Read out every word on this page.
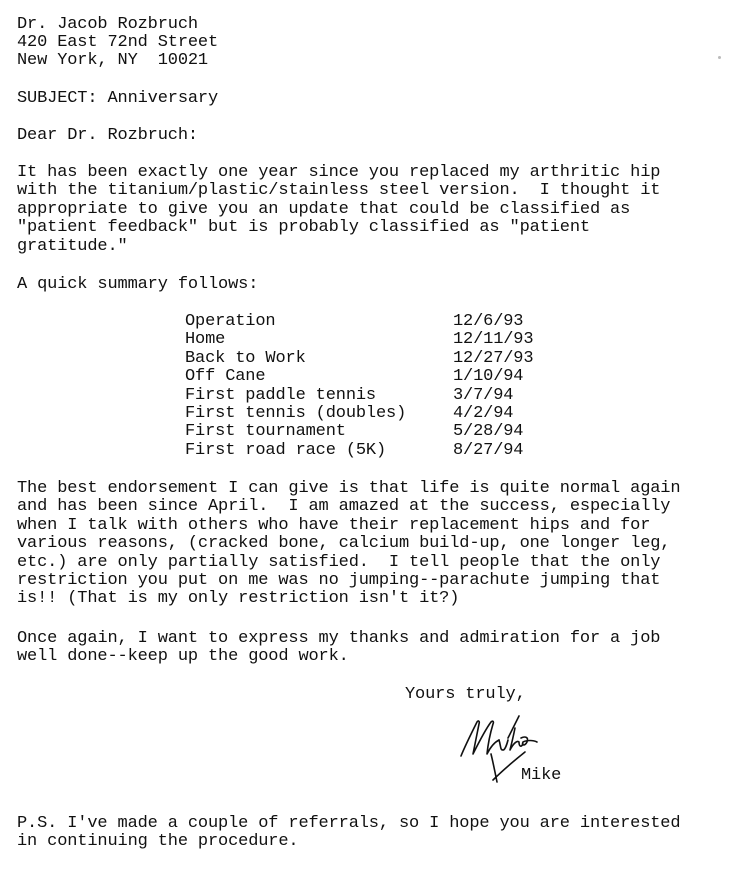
Dr. Jacob Rozbruch
420 East 72nd Street
New York, NY  10021
SUBJECT: Anniversary
Dear Dr. Rozbruch:
It has been exactly one year since you replaced my arthritic hip
with the titanium/plastic/stainless steel version.  I thought it
appropriate to give you an update that could be classified as
"patient feedback" but is probably classified as "patient
gratitude."
A quick summary follows:
Operation	12/6/93
Home	12/11/93
Back to Work	12/27/93
Off Cane	1/10/94
First paddle tennis	3/7/94
First tennis (doubles)	4/2/94
First tournament	5/28/94
First road race (5K)	8/27/94
The best endorsement I can give is that life is quite normal again
and has been since April.  I am amazed at the success, especially
when I talk with others who have their replacement hips and for
various reasons, (cracked bone, calcium build-up, one longer leg,
etc.) are only partially satisfied.  I tell people that the only
restriction you put on me was no jumping--parachute jumping that
is!! (That is my only restriction isn't it?)
Once again, I want to express my thanks and admiration for a job
well done--keep up the good work.
Yours truly,
Mike
P.S. I've made a couple of referrals, so I hope you are interested
in continuing the procedure.
